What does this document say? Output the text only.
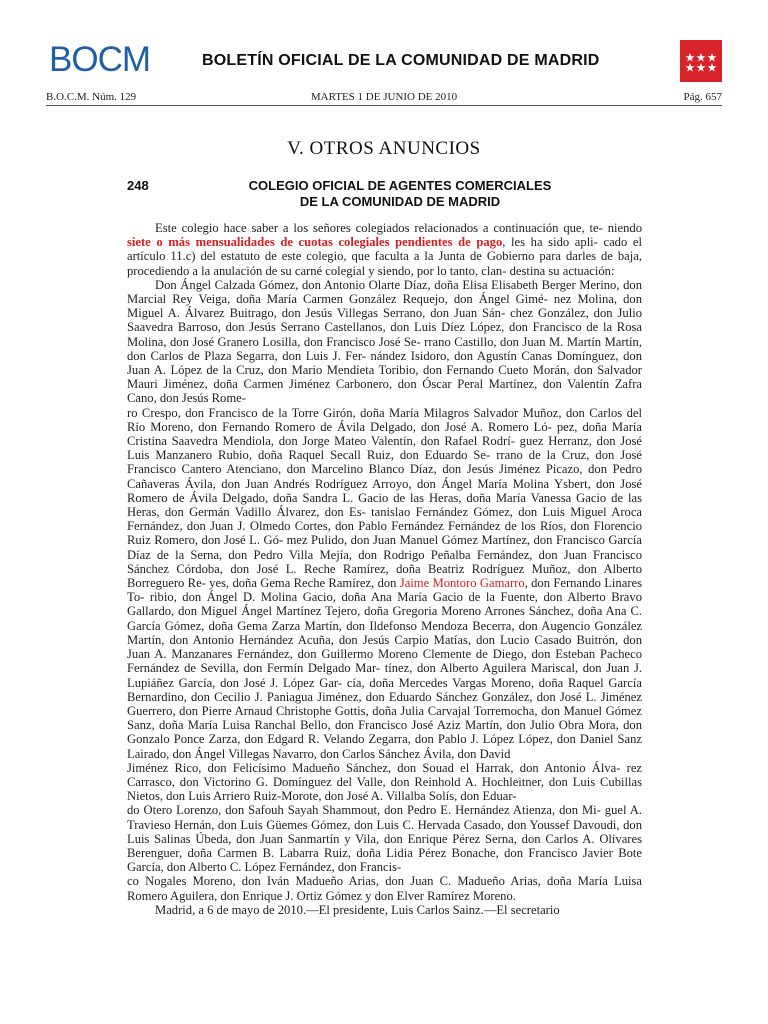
BOCM	BOLETÍN OFICIAL DE LA COMUNIDAD DE MADRID
B.O.C.M. Núm. 129	MARTES 1 DE JUNIO DE 2010	Pág. 657
V. OTROS ANUNCIOS
248	COLEGIO OFICIAL DE AGENTES COMERCIALES
DE LA COMUNIDAD DE MADRID

Este colegio hace saber a los señores colegiados relacionados a continuación que, te- niendo siete o más mensualidades de cuotas colegiales pendientes de pago, les ha sido apli- cado el artículo 11.c) del estatuto de este colegio, que faculta a la Junta de Gobierno para darles de baja, procediendo a la anulación de su carné colegial y siendo, por lo tanto, clan- destina su actuación:

Don Ángel Calzada Gómez, don Antonio Olarte Díaz, doña Elisa Elisabeth Berger Merino, don Marcial Rey Veiga, doña María Carmen González Requejo, don Ángel Gimé- nez Molina, don Miguel A. Álvarez Buitrago, don Jesús Villegas Serrano, don Juan Sán- chez González, don Julio Saavedra Barroso, don Jesús Serrano Castellanos, don Luis Díez López, don Francisco de la Rosa Molina, don José Granero Losilla, don Francisco José Se- rrano Castillo, don Juan M. Martín Martín, don Carlos de Plaza Segarra, don Luis J. Fer- nández Isidoro, don Agustín Canas Domínguez, don Juan A. López de la Cruz, don Mario Mendieta Toribio, don Fernando Cueto Morán, don Salvador Mauri Jiménez, doña Carmen Jiménez Carbonero, don Óscar Peral Martínez, don Valentín Zafra Cano, don Jesús Rome-

ro Crespo, don Francisco de la Torre Girón, doña María Milagros Salvador Muñoz, don Carlos del Río Moreno, don Fernando Romero de Ávila Delgado, don José A. Romero Ló- pez, doña María Cristina Saavedra Mendiola, don Jorge Mateo Valentín, don Rafael Rodrí- guez Herranz, don José Luis Manzanero Rubio, doña Raquel Secall Ruiz, don Eduardo Se- rrano de la Cruz, don José Francisco Cantero Atenciano, don Marcelino Blanco Díaz, don Jesús Jiménez Picazo, don Pedro Cañaveras Ávila, don Juan Andrés Rodríguez Arroyo, don Ángel María Molina Ysbert, don José Romero de Ávila Delgado, doña Sandra L. Gacio de las Heras, doña María Vanessa Gacio de las Heras, don Germán Vadillo Álvarez, don Es- tanislao Fernández Gómez, don Luis Miguel Aroca Fernández, don Juan J. Olmedo Cortes, don Pablo Fernández Fernández de los Ríos, don Florencio Ruiz Romero, don José L. Gó- mez Pulido, don Juan Manuel Gómez Martínez, don Francisco García Díaz de la Serna, don Pedro Villa Mejía, don Rodrigo Peñalba Fernández, don Juan Francisco Sánchez Córdoba, don José L. Reche Ramírez, doña Beatriz Rodríguez Muñoz, don Alberto Borreguero Re- yes, doña Gema Reche Ramírez, don Jaime Montoro Gamarro, don Fernando Linares To- ribio, don Ángel D. Molina Gacio, doña Ana María Gacio de la Fuente, don Alberto Bravo Gallardo, don Miguel Ángel Martínez Tejero, doña Gregoria Moreno Arrones Sánchez, doña Ana C. García Gómez, doña Gema Zarza Martín, don Ildefonso Mendoza Becerra, don Augencio González Martín, don Antonio Hernández Acuña, don Jesús Carpio Matías, don Lucio Casado Buitrón, don Juan A. Manzanares Fernández, don Guillermo Moreno Clemente de Diego, don Esteban Pacheco Fernández de Sevilla, don Fermín Delgado Mar- tínez, don Alberto Aguilera Mariscal, don Juan J. Lupiáñez García, don José J. López Gar- cía, doña Mercedes Vargas Moreno, doña Raquel García Bernardino, don Cecilio J. Paniagua Jiménez, don Eduardo Sánchez González, don José L. Jiménez Guerrero, don Pierre Arnaud Christophe Gottis, doña Julia Carvajal Torremocha, don Manuel Gómez Sanz, doña María Luisa Ranchal Bello, don Francisco José Aziz Martín, don Julio Obra Mora, don Gonzalo Ponce Zarza, don Edgard R. Velando Zegarra, don Pablo J. López López, don Daniel Sanz Lairado, don Ángel Villegas Navarro, don Carlos Sánchez Ávila, don David

Jiménez Rico, don Felicísimo Madueño Sánchez, don Souad el Harrak, don Antonio Álva- rez Carrasco, don Victorino G. Domínguez del Valle, don Reinhold A. Hochleitner, don Luis Cubillas Nietos, don Luis Arriero Ruiz-Morote, don José A. Villalba Solís, don Eduar-

do Otero Lorenzo, don Safouh Sayah Shammout, don Pedro E. Hernández Atienza, don Mi- guel A. Travieso Hernán, don Luis Güemes Gómez, don Luis C. Hervada Casado, don Youssef Davoudi, don Luis Salinas Úbeda, don Juan Sanmartín y Vila, don Enrique Pérez Serna, don Carlos A. Olivares Berenguer, doña Carmen B. Labarra Ruiz, doña Lidia Pérez Bonache, don Francisco Javier Bote García, don Alberto C. López Fernández, don Francis-

co Nogales Moreno, don Iván Madueño Arias, don Juan C. Madueño Arias, doña María Luisa Romero Aguilera, don Enrique J. Ortiz Gómez y don Elver Ramírez Moreno.

Madrid, a 6 de mayo de 2010.—El presidente, Luis Carlos Sainz.—El secretario
